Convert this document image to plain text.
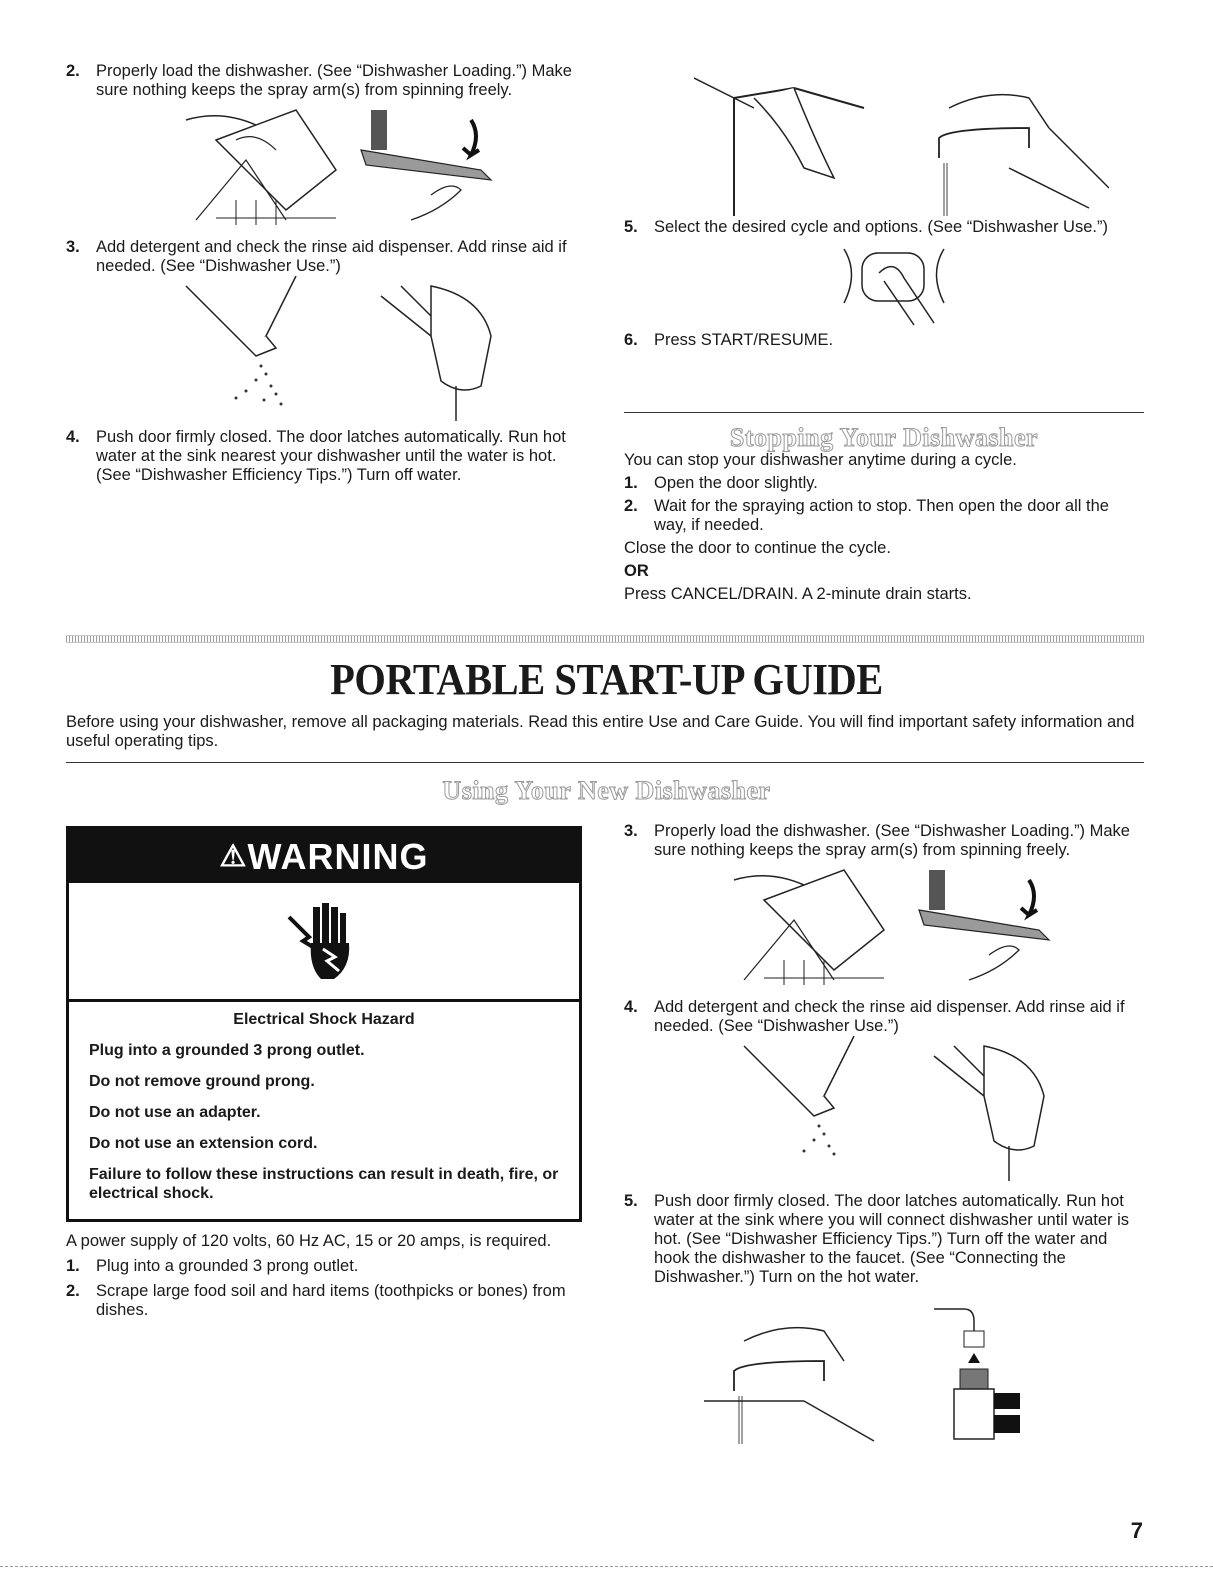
2. Properly load the dishwasher. (See “Dishwasher Loading.”) Make sure nothing keeps the spray arm(s) from spinning freely.
3. Add detergent and check the rinse aid dispenser. Add rinse aid if needed. (See “Dishwasher Use.”)
4. Push door firmly closed. The door latches automatically. Run hot water at the sink nearest your dishwasher until the water is hot. (See “Dishwasher Efficiency Tips.”) Turn off water.
5. Select the desired cycle and options. (See “Dishwasher Use.”)
6. Press START/RESUME.
Stopping Your Dishwasher

You can stop your dishwasher anytime during a cycle.

1. Open the door slightly.
2. Wait for the spraying action to stop. Then open the door all the way, if needed.

Close the door to continue the cycle.

OR

Press CANCEL/DRAIN. A 2-minute drain starts.

PORTABLE START-UP GUIDE
Before using your dishwasher, remove all packaging materials. Read this entire Use and Care Guide. You will find important safety information and useful operating tips.
Using Your New Dishwasher
⚠WARNING
Electrical Shock Hazard

Plug into a grounded 3 prong outlet.

Do not remove ground prong.

Do not use an adapter.

Do not use an extension cord.

Failure to follow these instructions can result in death, fire, or electrical shock.

A power supply of 120 volts, 60 Hz AC, 15 or 20 amps, is required.

1. Plug into a grounded 3 prong outlet.
2. Scrape large food soil and hard items (toothpicks or bones) from dishes.
3. Properly load the dishwasher. (See “Dishwasher Loading.”) Make sure nothing keeps the spray arm(s) from spinning freely.
4. Add detergent and check the rinse aid dispenser. Add rinse aid if needed. (See “Dishwasher Use.”)
5. Push door firmly closed. The door latches automatically. Run hot water at the sink where you will connect dishwasher until water is hot. (See “Dishwasher Efficiency Tips.”) Turn off the water and hook the dishwasher to the faucet. (See “Connecting the Dishwasher.”) Turn on the hot water.
7
